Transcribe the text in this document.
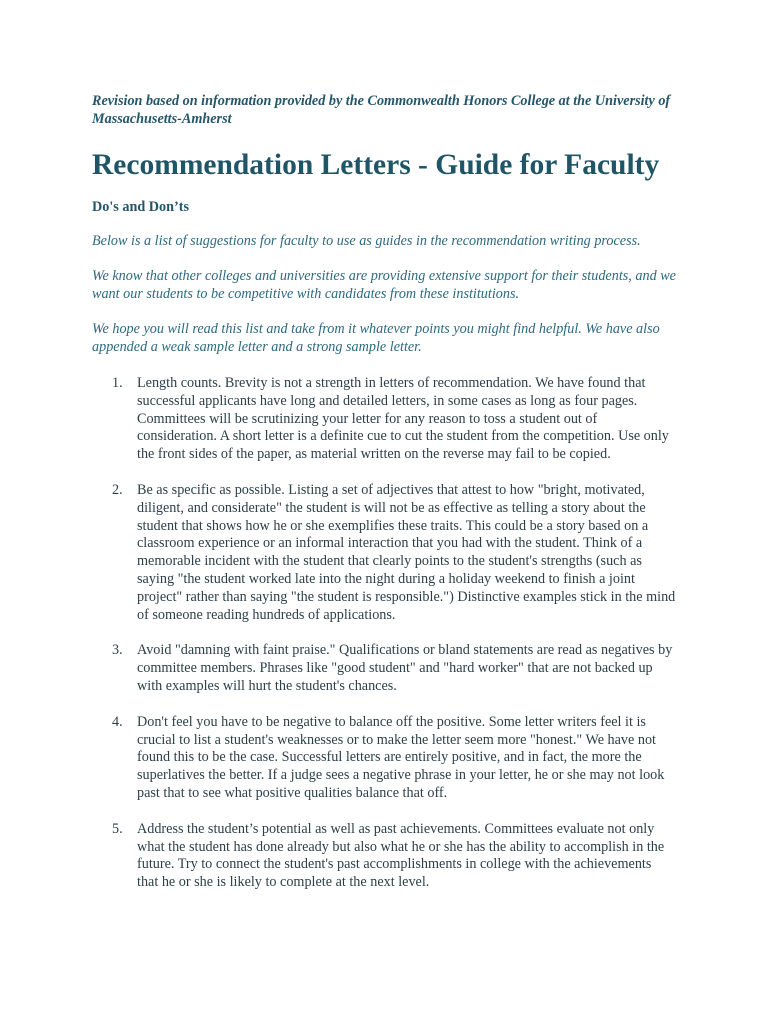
Revision based on information provided by the Commonwealth Honors College at the University of Massachusetts-Amherst

Recommendation Letters - Guide for Faculty
Do's and Don’ts

Below is a list of suggestions for faculty to use as guides in the recommendation writing process.

We know that other colleges and universities are providing extensive support for their students, and we want our students to be competitive with candidates from these institutions.

We hope you will read this list and take from it whatever points you might find helpful. We have also appended a weak sample letter and a strong sample letter.

1. Length counts. Brevity is not a strength in letters of recommendation. We have found that successful applicants have long and detailed letters, in some cases as long as four pages. Committees will be scrutinizing your letter for any reason to toss a student out of consideration. A short letter is a definite cue to cut the student from the competition. Use only the front sides of the paper, as material written on the reverse may fail to be copied.
2. Be as specific as possible. Listing a set of adjectives that attest to how "bright, motivated, diligent, and considerate" the student is will not be as effective as telling a story about the student that shows how he or she exemplifies these traits. This could be a story based on a classroom experience or an informal interaction that you had with the student. Think of a memorable incident with the student that clearly points to the student's strengths (such as saying "the student worked late into the night during a holiday weekend to finish a joint project" rather than saying "the student is responsible.") Distinctive examples stick in the mind of someone reading hundreds of applications.
3. Avoid "damning with faint praise." Qualifications or bland statements are read as negatives by committee members. Phrases like "good student" and "hard worker" that are not backed up with examples will hurt the student's chances.
4. Don't feel you have to be negative to balance off the positive. Some letter writers feel it is crucial to list a student's weaknesses or to make the letter seem more "honest." We have not found this to be the case. Successful letters are entirely positive, and in fact, the more the superlatives the better. If a judge sees a negative phrase in your letter, he or she may not look past that to see what positive qualities balance that off.
5. Address the student’s potential as well as past achievements. Committees evaluate not only what the student has done already but also what he or she has the ability to accomplish in the future. Try to connect the student's past accomplishments in college with the achievements that he or she is likely to complete at the next level.
